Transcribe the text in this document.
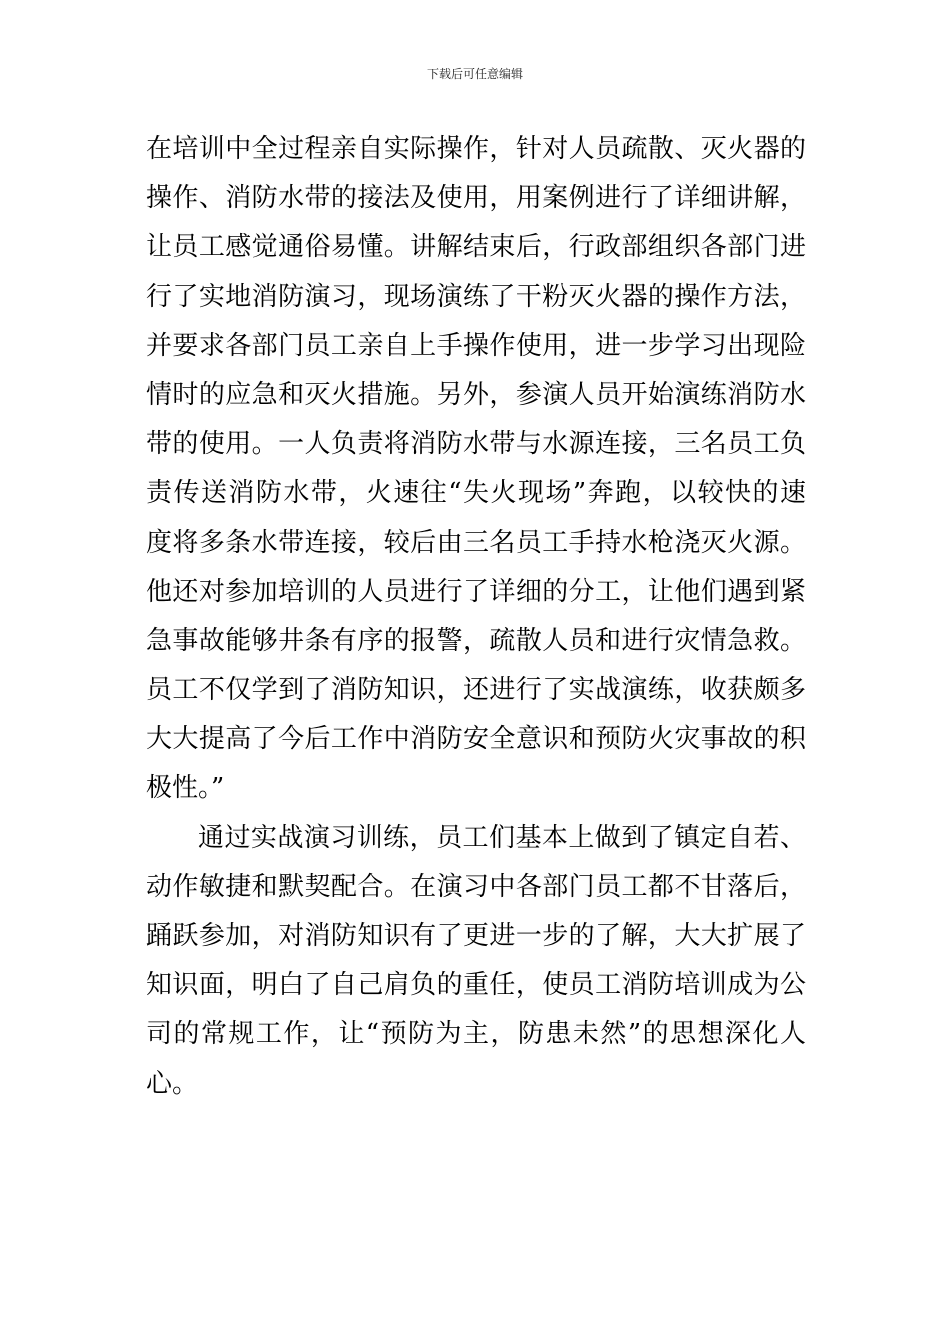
下载后可任意编辑
在培训中全过程亲自实际操作，针对人员疏散、灭火器的
操作、消防水带的接法及使用，用案例进行了详细讲解，
让员工感觉通俗易懂。讲解结束后，行政部组织各部门进
行了实地消防演习，现场演练了干粉灭火器的操作方法，
并要求各部门员工亲自上手操作使用，进一步学习出现险
情时的应急和灭火措施。另外，参演人员开始演练消防水
带的使用。一人负责将消防水带与水源连接，三名员工负
责传送消防水带，火速往“失火现场”奔跑，以较快的速
度将多条水带连接，较后由三名员工手持水枪浇灭火源。
他还对参加培训的人员进行了详细的分工，让他们遇到紧
急事故能够井条有序的报警，疏散人员和进行灾情急救。
员工不仅学到了消防知识，还进行了实战演练，收获颇多
大大提高了今后工作中消防安全意识和预防火灾事故的积
极性。”
通过实战演习训练，员工们基本上做到了镇定自若、
动作敏捷和默契配合。在演习中各部门员工都不甘落后，
踊跃参加，对消防知识有了更进一步的了解，大大扩展了
知识面，明白了自己肩负的重任，使员工消防培训成为公
司的常规工作，让“预防为主，防患未然”的思想深化人
心。
